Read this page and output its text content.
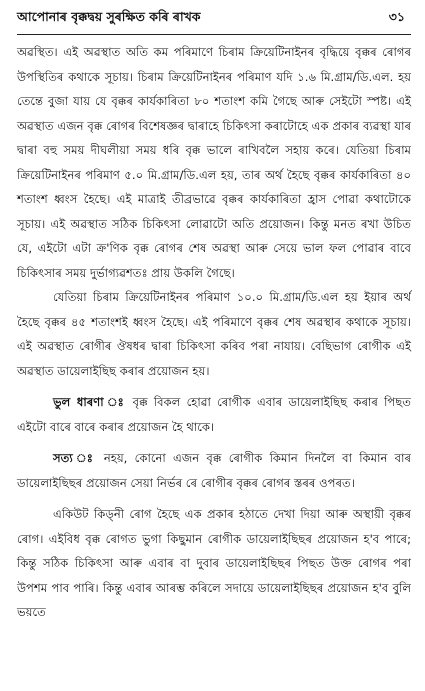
আপোনাৰ বৃক্কদ্বয় সুৰক্ষিত কৰি ৰাখক	৩১

অৱস্থিত। এই অৱস্থাত অতি কম পৰিমাণে চিৰাম ক্ৰিয়েটিনাইনৰ বৃদ্ধিয়ে বৃক্কৰ ৰোগৰ উপস্থিতিৰ কথাকে সূচায়। চিৰাম ক্ৰিয়েটিনাইনৰ পৰিমাণ যদি ১.৬ মি.গ্ৰাম/ডি.এল. হয় তেন্তে বুজা যায় যে বৃক্কৰ কাৰ্যকাৰিতা ৮০ শতাংশ কমি গৈছে আৰু সেইটো স্পষ্ট। এই অৱস্থাত এজন বৃক্ক ৰোগৰ বিশেষজ্ঞৰ দ্বাৰাহে চিকিৎসা কৰাটোহে এক প্ৰকাৰ ব্যৱস্থা যাৰ দ্বাৰা বহু সময় দীঘলীয়া সময় ধৰি বৃক্ক ভালে ৰাখিবলৈ সহায় কৰে। যেতিয়া চিৰাম ক্ৰিয়েটিনাইনৰ পৰিমাণ ৫.০ মি.গ্ৰাম/ডি.এল হয়, তাৰ অৰ্থ হৈছে বৃক্কৰ কাৰ্যকাৰিতা ৪০ শতাংশ ধ্বংস হৈছে। এই মাত্ৰাই তীব্ৰভাৱে বৃক্কৰ কাৰ্যকাৰিতা হ্ৰাস পোৱা কথাটোকে সূচায়। এই অৱস্থাত সঠিক চিকিৎসা লোৱাটো অতি প্ৰয়োজন। কিন্তু মনত ৰখা উচিত যে, এইটো এটা ক্ৰ'ণিক বৃক্ক ৰোগৰ শেষ অৱস্থা আৰু সেয়ে ভাল ফল পোৱাৰ বাবে চিকিৎসাৰ সময় দুৰ্ভাগ্যৱশতঃ প্ৰায় উকলি গৈছে।

যেতিয়া চিৰাম ক্ৰিয়েটিনাইনৰ পৰিমাণ ১০.০ মি.গ্ৰাম/ডি.এল হয় ইয়াৰ অৰ্থ হৈছে বৃক্কৰ ৪৫ শতাংশই ধ্বংস হৈছে। এই পৰিমাণে বৃক্কৰ শেষ অৱস্থাৰ কথাকে সূচায়। এই অৱস্থাত ৰোগীৰ ঔষধৰ দ্বাৰা চিকিৎসা কৰিব পৰা নাযায়। বেছিভাগ ৰোগীক এই অৱস্থাত ডায়েলাইছিছ কৰাৰ প্ৰয়োজন হয়।

ভুল ধাৰণা ঃ বৃক্ক বিকল হোৱা ৰোগীক এবাৰ ডায়েলাইছিছ কৰাৰ পিছত এইটো বাৰে বাৰে কৰাৰ প্ৰয়োজন হৈ থাকে।

সত্য ঃ নহয়, কোনো এজন বৃক্ক ৰোগীক কিমান দিনলৈ বা কিমান বাৰ ডায়েলাইছিছৰ প্ৰয়োজন সেয়া নিৰ্ভৰ ৰে ৰোগীৰ বৃক্কৰ ৰোগৰ স্তৰৰ ওপৰত।

একিউট কিড্‌নী ৰোগ হৈছে এক প্ৰকাৰ হঠাতে দেখা দিয়া আৰু অস্থায়ী বৃক্কৰ ৰোগ। এইবিধ বৃক্ক ৰোগত ভুগা কিছুমান ৰোগীক ডায়েলাইছিছৰ প্ৰয়োজন হ'ব পাৰে; কিন্তু সঠিক চিকিৎসা আৰু এবাৰ বা দুবাৰ ডায়েলাইছিছৰ পিছত উক্ত ৰোগৰ পৰা উপশম পাব পাৰি। কিন্তু এবাৰ আৰম্ভ কৰিলে সদায়ে ডায়েলাইছিছৰ প্ৰয়োজন হ'ব বুলি ভয়তে
